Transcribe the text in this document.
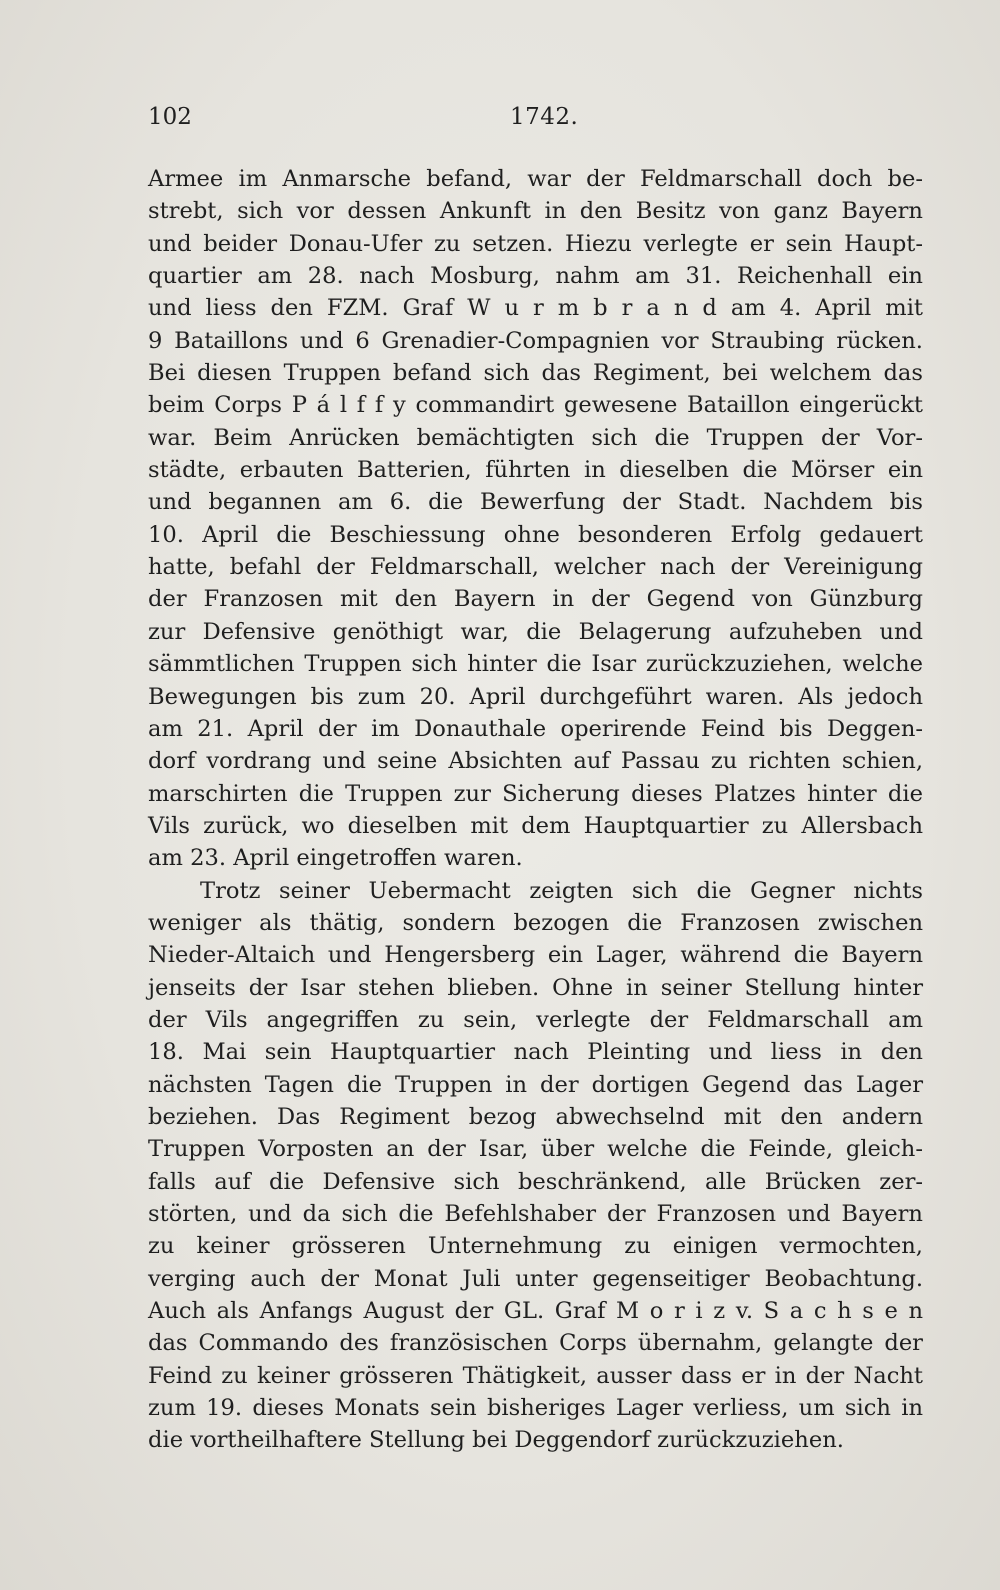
102	1742.
Armee im Anmarsche befand, war der Feldmarschall doch be-
strebt, sich vor dessen Ankunft in den Besitz von ganz Bayern
und beider Donau-Ufer zu setzen. Hiezu verlegte er sein Haupt-
quartier am 28. nach Mosburg, nahm am 31. Reichenhall ein
und liess den FZM. Graf W u r m b r a n d am 4. April mit
9 Bataillons und 6 Grenadier-Compagnien vor Straubing rücken.
Bei diesen Truppen befand sich das Regiment, bei welchem das
beim Corps P á l f f y commandirt gewesene Bataillon eingerückt
war. Beim Anrücken bemächtigten sich die Truppen der Vor-
städte, erbauten Batterien, führten in dieselben die Mörser ein
und begannen am 6. die Bewerfung der Stadt. Nachdem bis
10. April die Beschiessung ohne besonderen Erfolg gedauert
hatte, befahl der Feldmarschall, welcher nach der Vereinigung
der Franzosen mit den Bayern in der Gegend von Günzburg
zur Defensive genöthigt war, die Belagerung aufzuheben und
sämmtlichen Truppen sich hinter die Isar zurückzuziehen, welche
Bewegungen bis zum 20. April durchgeführt waren. Als jedoch
am 21. April der im Donauthale operirende Feind bis Deggen-
dorf vordrang und seine Absichten auf Passau zu richten schien,
marschirten die Truppen zur Sicherung dieses Platzes hinter die
Vils zurück, wo dieselben mit dem Hauptquartier zu Allersbach
am 23. April eingetroffen waren.
Trotz seiner Uebermacht zeigten sich die Gegner nichts
weniger als thätig, sondern bezogen die Franzosen zwischen
Nieder-Altaich und Hengersberg ein Lager, während die Bayern
jenseits der Isar stehen blieben. Ohne in seiner Stellung hinter
der Vils angegriffen zu sein, verlegte der Feldmarschall am
18. Mai sein Hauptquartier nach Pleinting und liess in den
nächsten Tagen die Truppen in der dortigen Gegend das Lager
beziehen. Das Regiment bezog abwechselnd mit den andern
Truppen Vorposten an der Isar, über welche die Feinde, gleich-
falls auf die Defensive sich beschränkend, alle Brücken zer-
störten, und da sich die Befehlshaber der Franzosen und Bayern
zu keiner grösseren Unternehmung zu einigen vermochten,
verging auch der Monat Juli unter gegenseitiger Beobachtung.
Auch als Anfangs August der GL. Graf M o r i z v. S a c h s e n
das Commando des französischen Corps übernahm, gelangte der
Feind zu keiner grösseren Thätigkeit, ausser dass er in der Nacht
zum 19. dieses Monats sein bisheriges Lager verliess, um sich in
die vortheilhaftere Stellung bei Deggendorf zurückzuziehen.
